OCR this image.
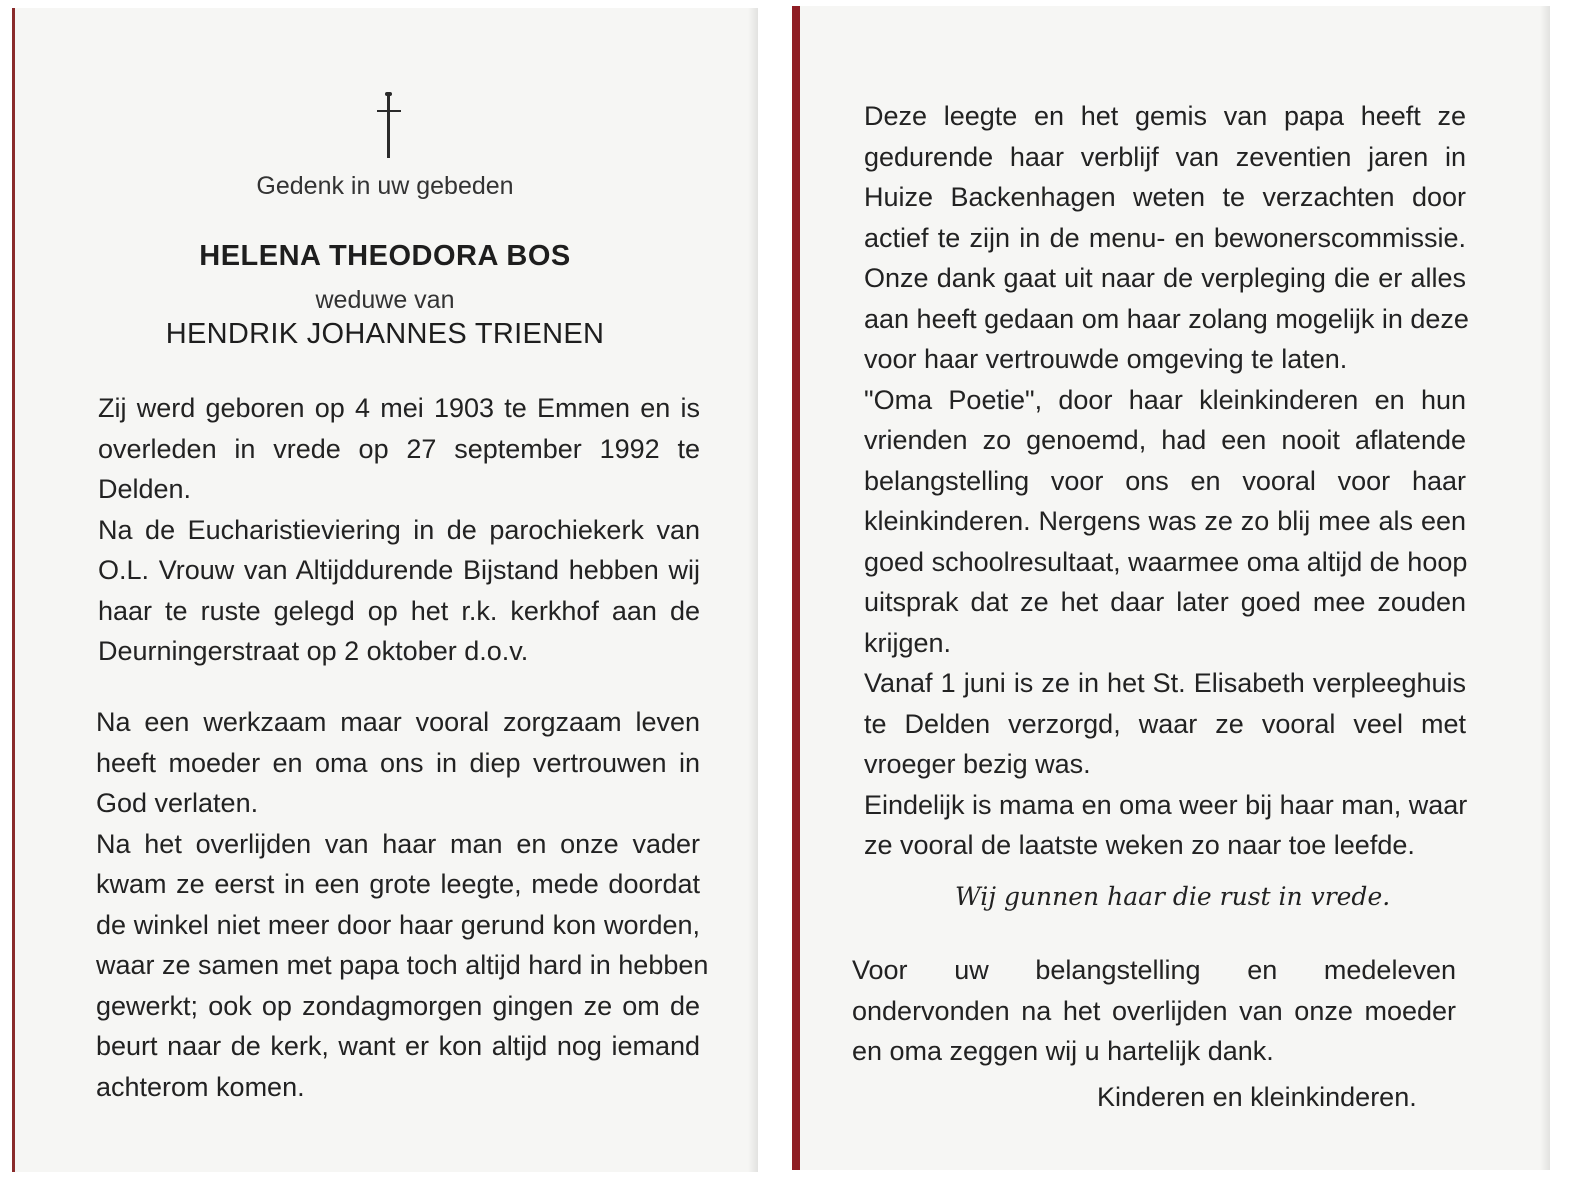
Gedenk in uw gebeden
HELENA THEODORA BOS
weduwe van
HENDRIK JOHANNES TRIENEN
Zij werd geboren op 4 mei 1903 te Emmen en is
overleden in vrede op 27 september 1992 te
Delden.
Na de Eucharistieviering in de parochiekerk van
O.L. Vrouw van Altijddurende Bijstand hebben wij
haar te ruste gelegd op het r.k. kerkhof aan de
Deurningerstraat op 2 oktober d.o.v.
Na een werkzaam maar vooral zorgzaam leven
heeft moeder en oma ons in diep vertrouwen in
God verlaten.
Na het overlijden van haar man en onze vader
kwam ze eerst in een grote leegte, mede doordat
de winkel niet meer door haar gerund kon worden,
waar ze samen met papa toch altijd hard in hebben
gewerkt; ook op zondagmorgen gingen ze om de
beurt naar de kerk, want er kon altijd nog iemand
achterom komen.
Deze leegte en het gemis van papa heeft ze
gedurende haar verblijf van zeventien jaren in
Huize Backenhagen weten te verzachten door
actief te zijn in de menu- en bewonerscommissie.
Onze dank gaat uit naar de verpleging die er alles
aan heeft gedaan om haar zolang mogelijk in deze
voor haar vertrouwde omgeving te laten.
"Oma Poetie", door haar kleinkinderen en hun
vrienden zo genoemd, had een nooit aflatende
belangstelling voor ons en vooral voor haar
kleinkinderen. Nergens was ze zo blij mee als een
goed schoolresultaat, waarmee oma altijd de hoop
uitsprak dat ze het daar later goed mee zouden
krijgen.
Vanaf 1 juni is ze in het St. Elisabeth verpleeghuis
te Delden verzorgd, waar ze vooral veel met
vroeger bezig was.
Eindelijk is mama en oma weer bij haar man, waar
ze vooral de laatste weken zo naar toe leefde.
Wij gunnen haar die rust in vrede.
Voor uw belangstelling en medeleven
ondervonden na het overlijden van onze moeder
en oma zeggen wij u hartelijk dank.
Kinderen en kleinkinderen.
